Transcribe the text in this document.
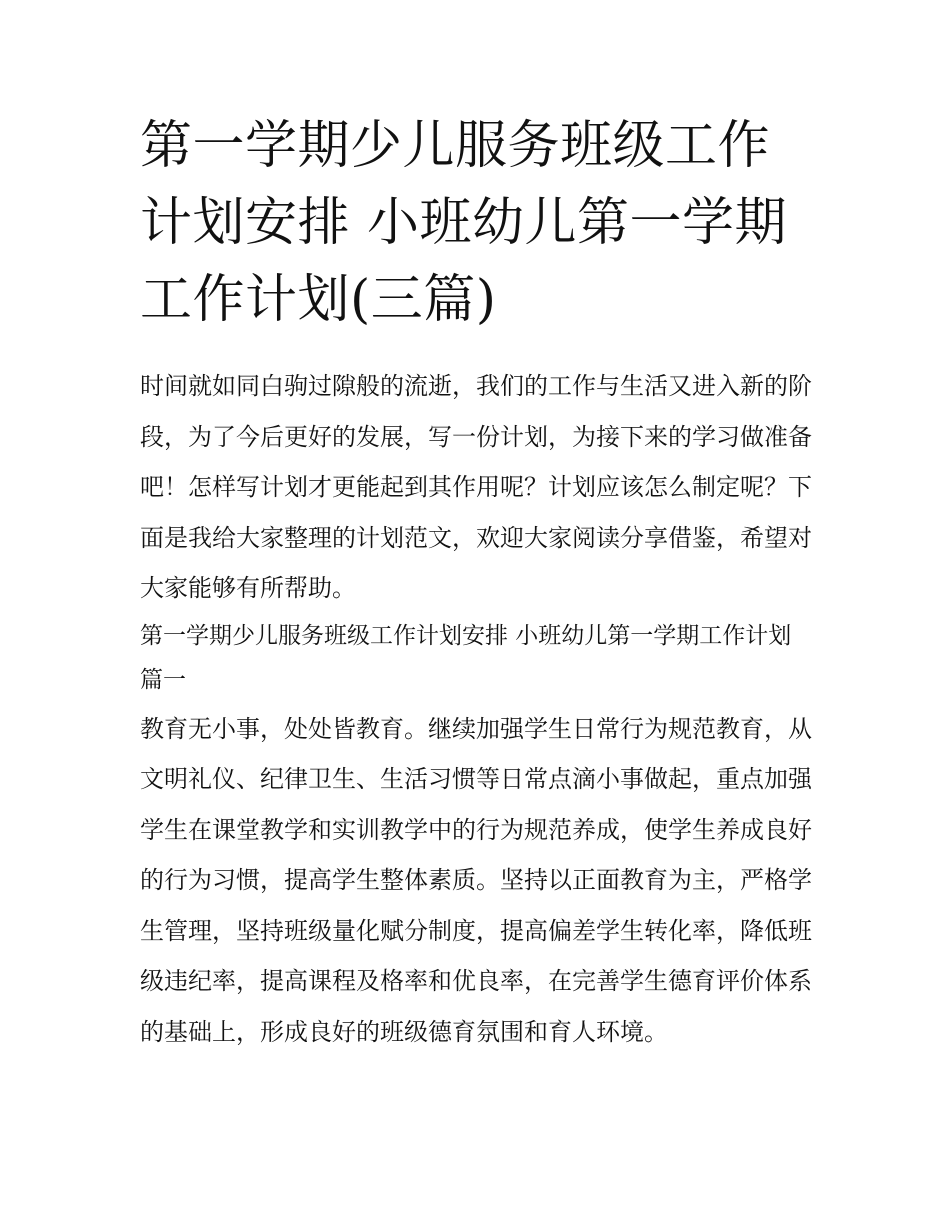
第一学期少儿服务班级工作计划安排 小班幼儿第一学期工作计划(三篇)

时间就如同白驹过隙般的流逝，我们的工作与生活又进入新的阶段，为了今后更好的发展，写一份计划，为接下来的学习做准备吧！怎样写计划才更能起到其作用呢？计划应该怎么制定呢？下面是我给大家整理的计划范文，欢迎大家阅读分享借鉴，希望对大家能够有所帮助。

第一学期少儿服务班级工作计划安排 小班幼儿第一学期工作计划篇一

教育无小事，处处皆教育。继续加强学生日常行为规范教育，从文明礼仪、纪律卫生、生活习惯等日常点滴小事做起，重点加强学生在课堂教学和实训教学中的行为规范养成，使学生养成良好的行为习惯，提高学生整体素质。坚持以正面教育为主，严格学生管理，坚持班级量化赋分制度，提高偏差学生转化率，降低班级违纪率，提高课程及格率和优良率，在完善学生德育评价体系的基础上，形成良好的班级德育氛围和育人环境。
